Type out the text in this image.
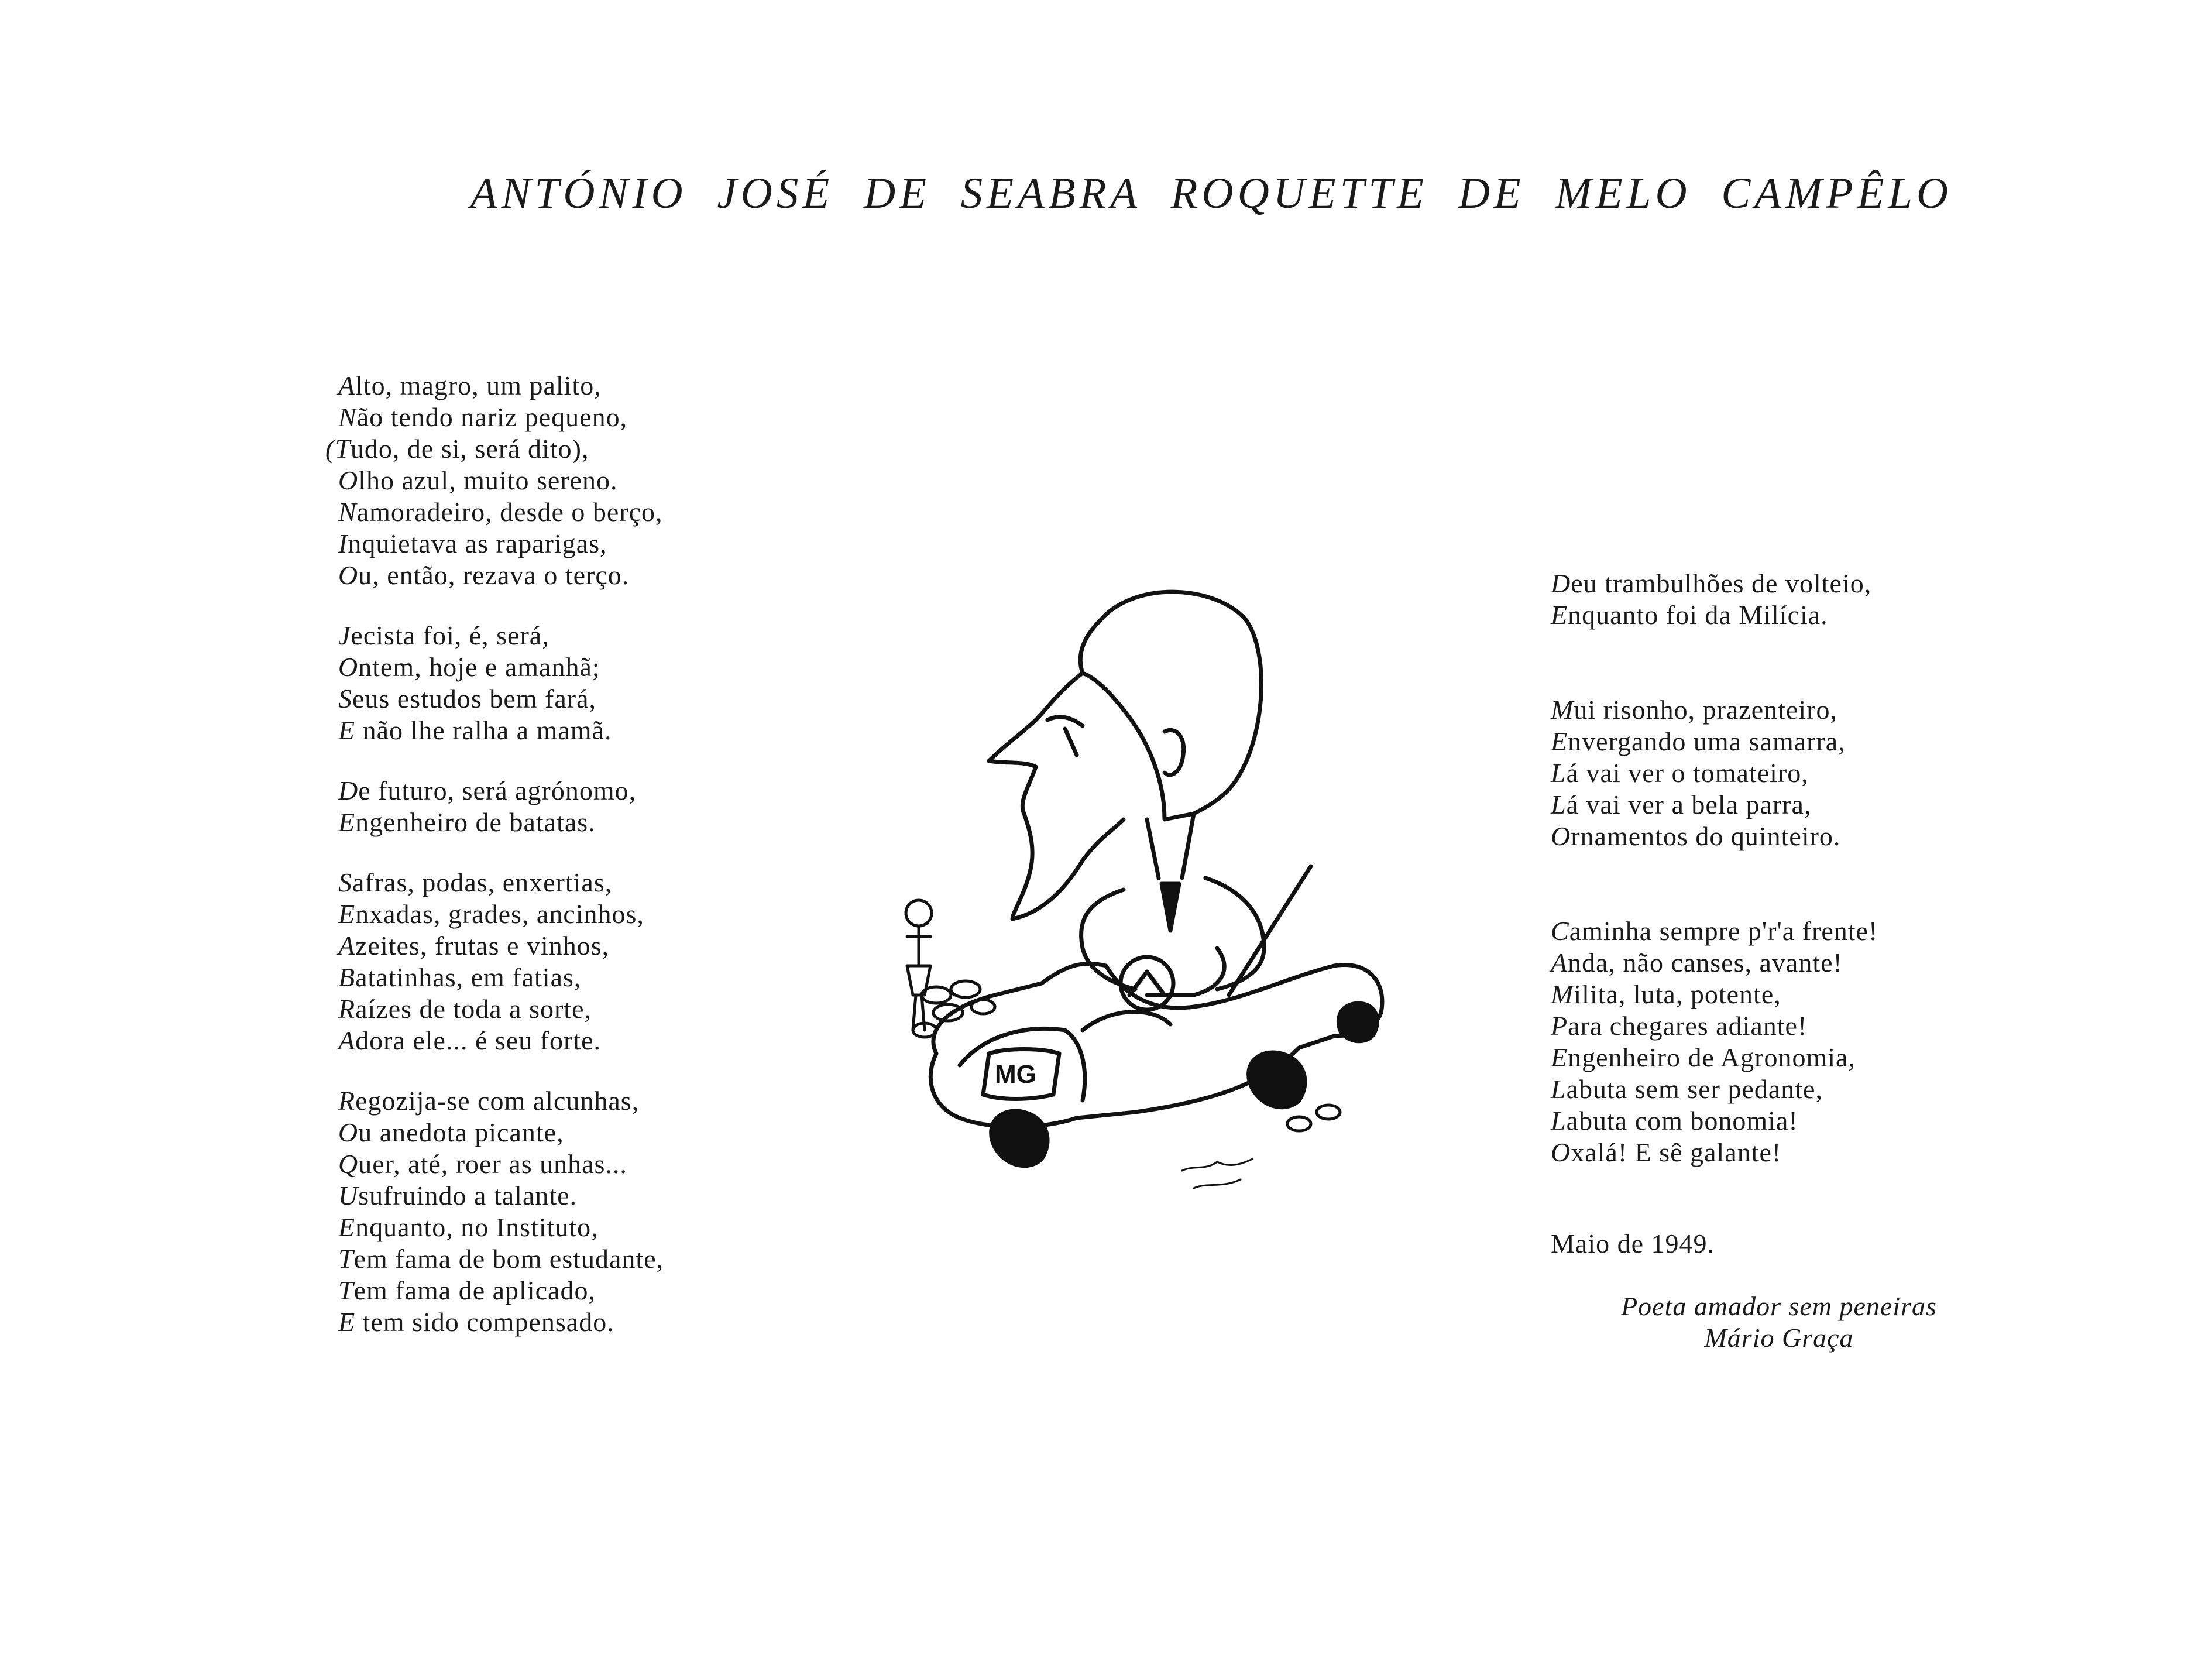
ANTÓNIO JOSÉ DE SEABRA ROQUETTE DE MELO CAMPÊLO
Alto, magro, um palito,
Não tendo nariz pequeno,
(Tudo, de si, será dito),
Olho azul, muito sereno.
Namoradeiro, desde o berço,
Inquietava as raparigas,
Ou, então, rezava o terço.
Jecista foi, é, será,
Ontem, hoje e amanhã;
Seus estudos bem fará,
E não lhe ralha a mamã.
De futuro, será agrónomo,
Engenheiro de batatas.
Safras, podas, enxertias,
Enxadas, grades, ancinhos,
Azeites, frutas e vinhos,
Batatinhas, em fatias,
Raízes de toda a sorte,
Adora ele... é seu forte.
Regozija-se com alcunhas,
Ou anedota picante,
Quer, até, roer as unhas...
Usufruindo a talante.
Enquanto, no Instituto,
Tem fama de bom estudante,
Tem fama de aplicado,
E tem sido compensado.
Deu trambulhões de volteio,
Enquanto foi da Milícia.
Mui risonho, prazenteiro,
Envergando uma samarra,
Lá vai ver o tomateiro,
Lá vai ver a bela parra,
Ornamentos do quinteiro.
Caminha sempre p'r'a frente!
Anda, não canses, avante!
Milita, luta, potente,
Para chegares adiante!
Engenheiro de Agronomia,
Labuta sem ser pedante,
Labuta com bonomia!
Oxalá! E sê galante!
Maio de 1949.
Poeta amador sem peneiras
Mário Graça
MG
